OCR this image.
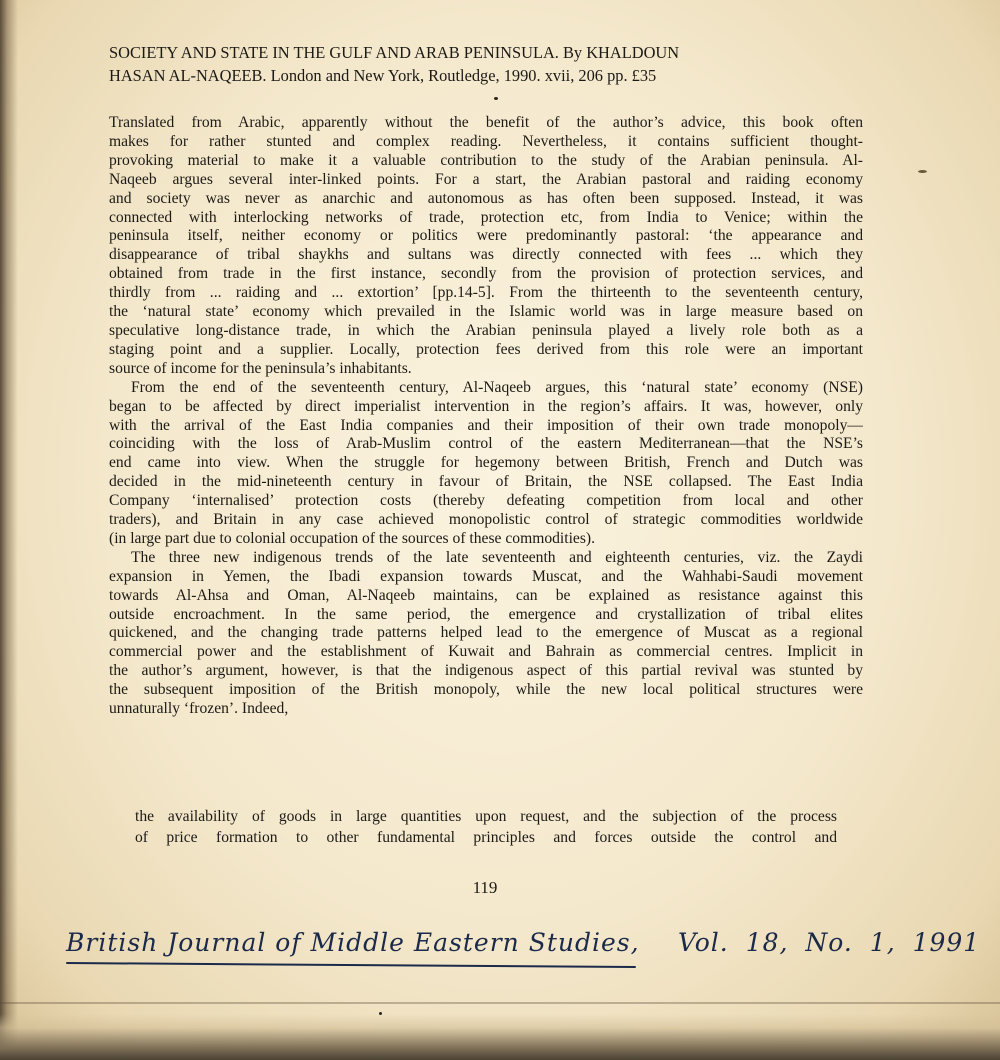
SOCIETY AND STATE IN THE GULF AND ARAB PENINSULA. By KHALDOUN
HASAN AL-NAQEEB. London and New York, Routledge, 1990. xvii, 206 pp. £35

Translated from Arabic, apparently without the benefit of the author’s advice, this book often
makes for rather stunted and complex reading. Nevertheless, it contains sufficient thought-
provoking material to make it a valuable contribution to the study of the Arabian peninsula. Al-
Naqeeb argues several inter-linked points. For a start, the Arabian pastoral and raiding economy
and society was never as anarchic and autonomous as has often been supposed. Instead, it was
connected with interlocking networks of trade, protection etc, from India to Venice; within the
peninsula itself, neither economy or politics were predominantly pastoral: ‘the appearance and
disappearance of tribal shaykhs and sultans was directly connected with fees ... which they
obtained from trade in the first instance, secondly from the provision of protection services, and
thirdly from ... raiding and ... extortion’ [pp.14-5]. From the thirteenth to the seventeenth century,
the ‘natural state’ economy which prevailed in the Islamic world was in large measure based on
speculative long-distance trade, in which the Arabian peninsula played a lively role both as a
staging point and a supplier. Locally, protection fees derived from this role were an important
source of income for the peninsula’s inhabitants.

From the end of the seventeenth century, Al-Naqeeb argues, this ‘natural state’ economy (NSE)
began to be affected by direct imperialist intervention in the region’s affairs. It was, however, only
with the arrival of the East India companies and their imposition of their own trade monopoly—
coinciding with the loss of Arab-Muslim control of the eastern Mediterranean—that the NSE’s
end came into view. When the struggle for hegemony between British, French and Dutch was
decided in the mid-nineteenth century in favour of Britain, the NSE collapsed. The East India
Company ‘internalised’ protection costs (thereby defeating competition from local and other
traders), and Britain in any case achieved monopolistic control of strategic commodities worldwide
(in large part due to colonial occupation of the sources of these commodities).

The three new indigenous trends of the late seventeenth and eighteenth centuries, viz. the Zaydi
expansion in Yemen, the Ibadi expansion towards Muscat, and the Wahhabi-Saudi movement
towards Al-Ahsa and Oman, Al-Naqeeb maintains, can be explained as resistance against this
outside encroachment. In the same period, the emergence and crystallization of tribal elites
quickened, and the changing trade patterns helped lead to the emergence of Muscat as a regional
commercial power and the establishment of Kuwait and Bahrain as commercial centres. Implicit in
the author’s argument, however, is that the indigenous aspect of this partial revival was stunted by
the subsequent imposition of the British monopoly, while the new local political structures were
unnaturally ‘frozen’. Indeed,

the availability of goods in large quantities upon request, and the subjection of the process
of price formation to other fundamental principles and forces outside the control and
119
British Journal of Middle Eastern Studies, Vol. 18, No. 1, 1991
